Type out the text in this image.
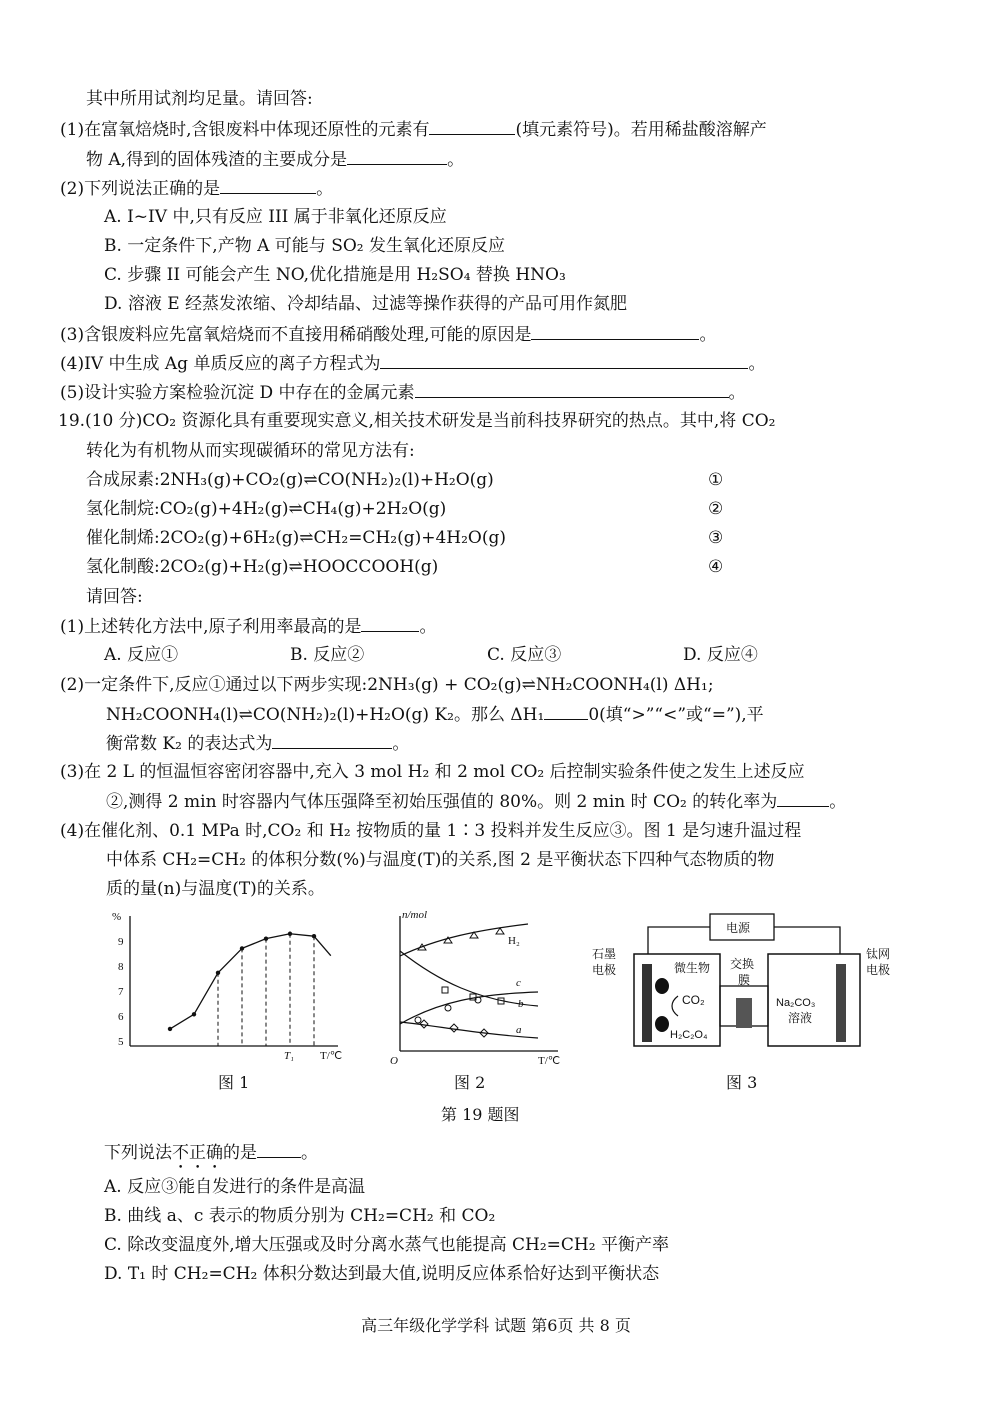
其中所用试剂均足量。请回答:
(1)在富氧焙烧时,含银废料中体现还原性的元素有	(填元素符号)。若用稀盐酸溶解产
物 A,得到的固体残渣的主要成分是	。
(2)下列说法正确的是	。
A. I~IV 中,只有反应 III 属于非氧化还原反应
B. 一定条件下,产物 A 可能与 SO₂ 发生氧化还原反应
C. 步骤 II 可能会产生 NO,优化措施是用 H₂SO₄ 替换 HNO₃
D. 溶液 E 经蒸发浓缩、冷却结晶、过滤等操作获得的产品可用作氮肥
(3)含银废料应先富氧焙烧而不直接用稀硝酸处理,可能的原因是	。
(4)IV 中生成 Ag 单质反应的离子方程式为	。
(5)设计实验方案检验沉淀 D 中存在的金属元素	。
19.(10 分)CO₂ 资源化具有重要现实意义,相关技术研发是当前科技界研究的热点。其中,将 CO₂
转化为有机物从而实现碳循环的常见方法有:
合成尿素:2NH₃(g)+CO₂(g)⇌CO(NH₂)₂(l)+H₂O(g)	①
氢化制烷:CO₂(g)+4H₂(g)⇌CH₄(g)+2H₂O(g)	②
催化制烯:2CO₂(g)+6H₂(g)⇌CH₂=CH₂(g)+4H₂O(g)	③
氢化制酸:2CO₂(g)+H₂(g)⇌HOOCCOOH(g)	④
请回答:
(1)上述转化方法中,原子利用率最高的是	。
A. 反应①	B. 反应②	C. 反应③	D. 反应④
(2)一定条件下,反应①通过以下两步实现:2NH₃(g) + CO₂(g)⇌NH₂COONH₄(l) ΔH₁;
NH₂COONH₄(l)⇌CO(NH₂)₂(l)+H₂O(g) K₂。那么 ΔH₁	0(填“>”“<”或“=”),平
衡常数 K₂ 的表达式为	。
(3)在 2 L 的恒温恒容密闭容器中,充入 3 mol H₂ 和 2 mol CO₂ 后控制实验条件使之发生上述反应
②,测得 2 min 时容器内气体压强降至初始压强值的 80%。则 2 min 时 CO₂ 的转化率为	。
(4)在催化剂、0.1 MPa 时,CO₂ 和 H₂ 按物质的量 1∶3 投料并发生反应③。图 1 是匀速升温过程
中体系 CH₂=CH₂ 的体积分数(%)与温度(T)的关系,图 2 是平衡状态下四种气态物质的物
质的量(n)与温度(T)的关系。
%
5
6
7
8
9
T₁ T/℃
图 1
n/mol
O	T/℃
H₂
c
b
a
图 2
电源
石墨
电极
钛网
电极
微生物 交换
膜
CO₂
H₂C₂O₄
Na₂CO₃
溶液
图 3
第 19 题图
下列说法不正确的是	。
A. 反应③能自发进行的条件是高温
B. 曲线 a、c 表示的物质分别为 CH₂=CH₂ 和 CO₂
C. 除改变温度外,增大压强或及时分离水蒸气也能提高 CH₂=CH₂ 平衡产率
D. T₁ 时 CH₂=CH₂ 体积分数达到最大值,说明反应体系恰好达到平衡状态
高三年级化学学科 试题 第6页 共 8 页
